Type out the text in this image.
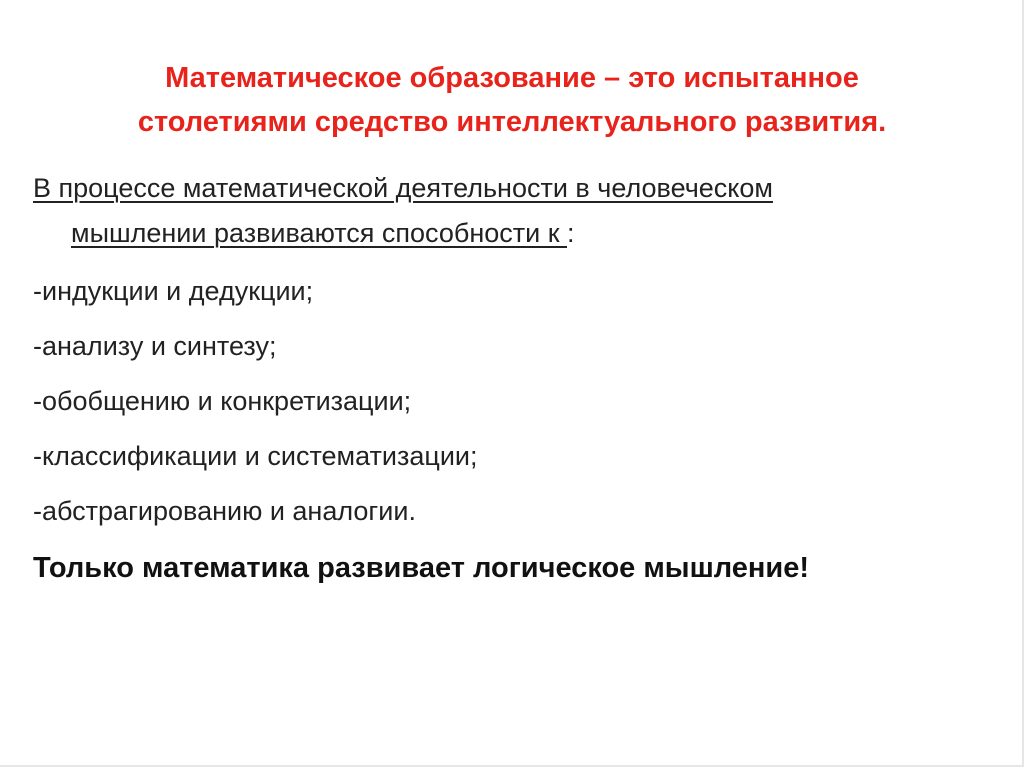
Математическое образование – это испытанное
столетиями средство интеллектуального развития.

В процессе математической деятельности в человеческом
мышлении развиваются способности к :

-индукции и дедукции;
-анализу и синтезу;
-обобщению и конкретизации;
-классификации и систематизации;
-абстрагированию и аналогии.

Только математика развивает логическое мышление!
